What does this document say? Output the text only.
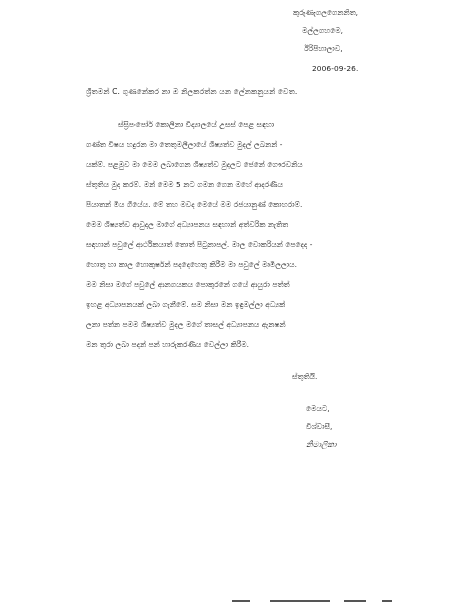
කුරුණෑගලගෙනනිත,
මල්ලගහමෙ,
ඊරිපිහාලාව,
2006-09-26.
ශ්‍රීතමන් C. ගුණනේකර නා ඔ නිලකරත්න යන ලේනකනුයන් වෙත.
ස්ස්‍රිපංපෝර් කොලිනා විද්‍යාලයේ උසස් පෙළ සඳහා
ගණ්ත විෂය හදුරන මා තෙතුමලීලායේ ශිෂ්‍යත්ව මුදල් ලබනන් -
යක්ම්. පළමුව මා මෙම ලබාගෙන ශිෂ්‍යත්ව මුදලට ජෙනේ ගෞරවනිය
ස්තුතිය මුද කරම්. මන් මෙම 5 නට ගමන ගෙන මහේ ආදරණීය
පියාතන් මිය ගියේය. මේ තහ මවද මෙයේ මම රජයානුණ් කොහරාම්.
මෙම ශිෂ්‍යත්ව ආවුදල මාගේ අධ්‍යාපනය සඳහාන් අත්වරික නැතිත
සඳහාන් පවුලේ ආර්ථිකයාත් තොත් පිටුනාපල්. මාල වොකරියන් පෙදෙද -
හොතු හා කාල හොකුර්ෂන් පදදෙහෙතු කිරීම මා පවුලේ මෘමිලලාය.
මම නිසා මගේ පවුලේ ආනගයකය පොකුරනේ ගයේ ආයුරා පත්ත්
ඉහළ අධ්‍යාපනයක් ලබා ගැනීමේ. සම නිසා මන ඉඳුමල්ලා අධ්‍යක්
ලනා පත්න පමම ශිෂ්‍යත්ව මුදල මගේ තාසල් අධ්‍යාපනය ඇනෂන්
මන තුරා ලබා පදන් පන් හාරුකරණීය වෙල්ලා කිරීම.
ස්තුතියි.
මෙයට,
විශ්වාසී,
නිමාලිකා
